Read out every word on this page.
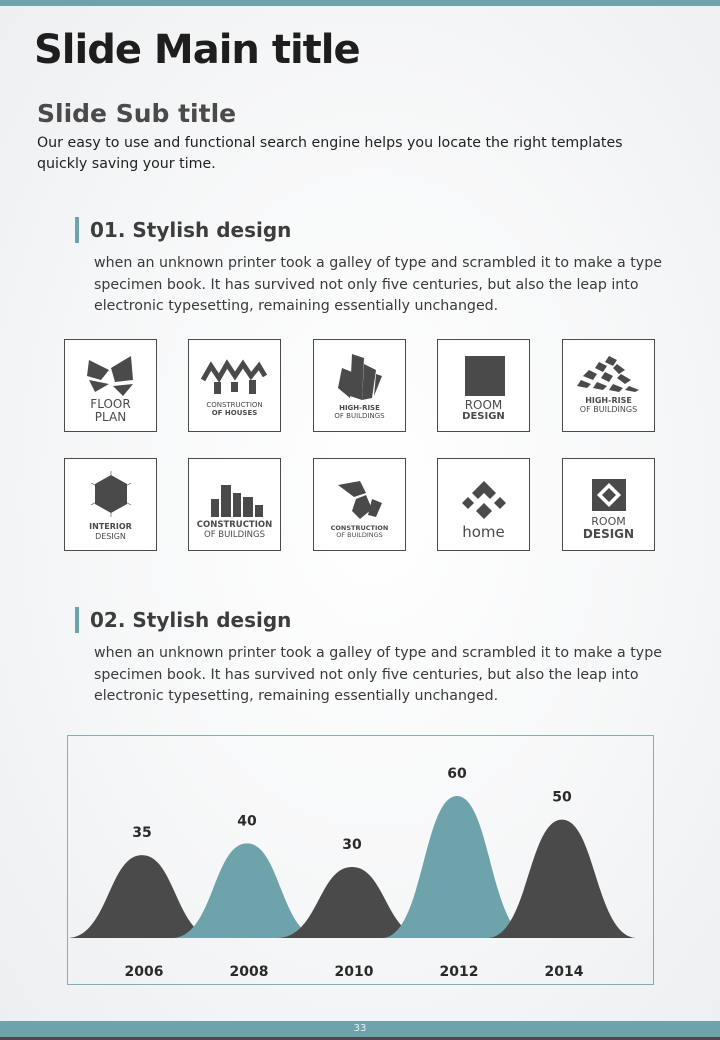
Slide Main title
Slide Sub title

Our easy to use and functional search engine helps you locate the right templates quickly saving your time.

01. Stylish design

when an unknown printer took a galley of type and scrambled it to make a type specimen book. It has survived not only five centuries, but also the leap into electronic typesetting, remaining essentially unchanged.

FLOOR
PLAN
CONSTRUCTION
OF HOUSES
HIGH-RISE
OF BUILDINGS
ROOM
DESIGN
HIGH-RISE
OF BUILDINGS
INTERIOR
DESIGN
CONSTRUCTION
OF BUILDINGS
CONSTRUCTION
OF BUILDINGS	home
ROOM
DESIGN
02. Stylish design

when an unknown printer took a galley of type and scrambled it to make a type specimen book. It has survived not only five centuries, but also the leap into electronic typesetting, remaining essentially unchanged.

35
2006
40
2008
30
2010
60
2012
50
2014
33
